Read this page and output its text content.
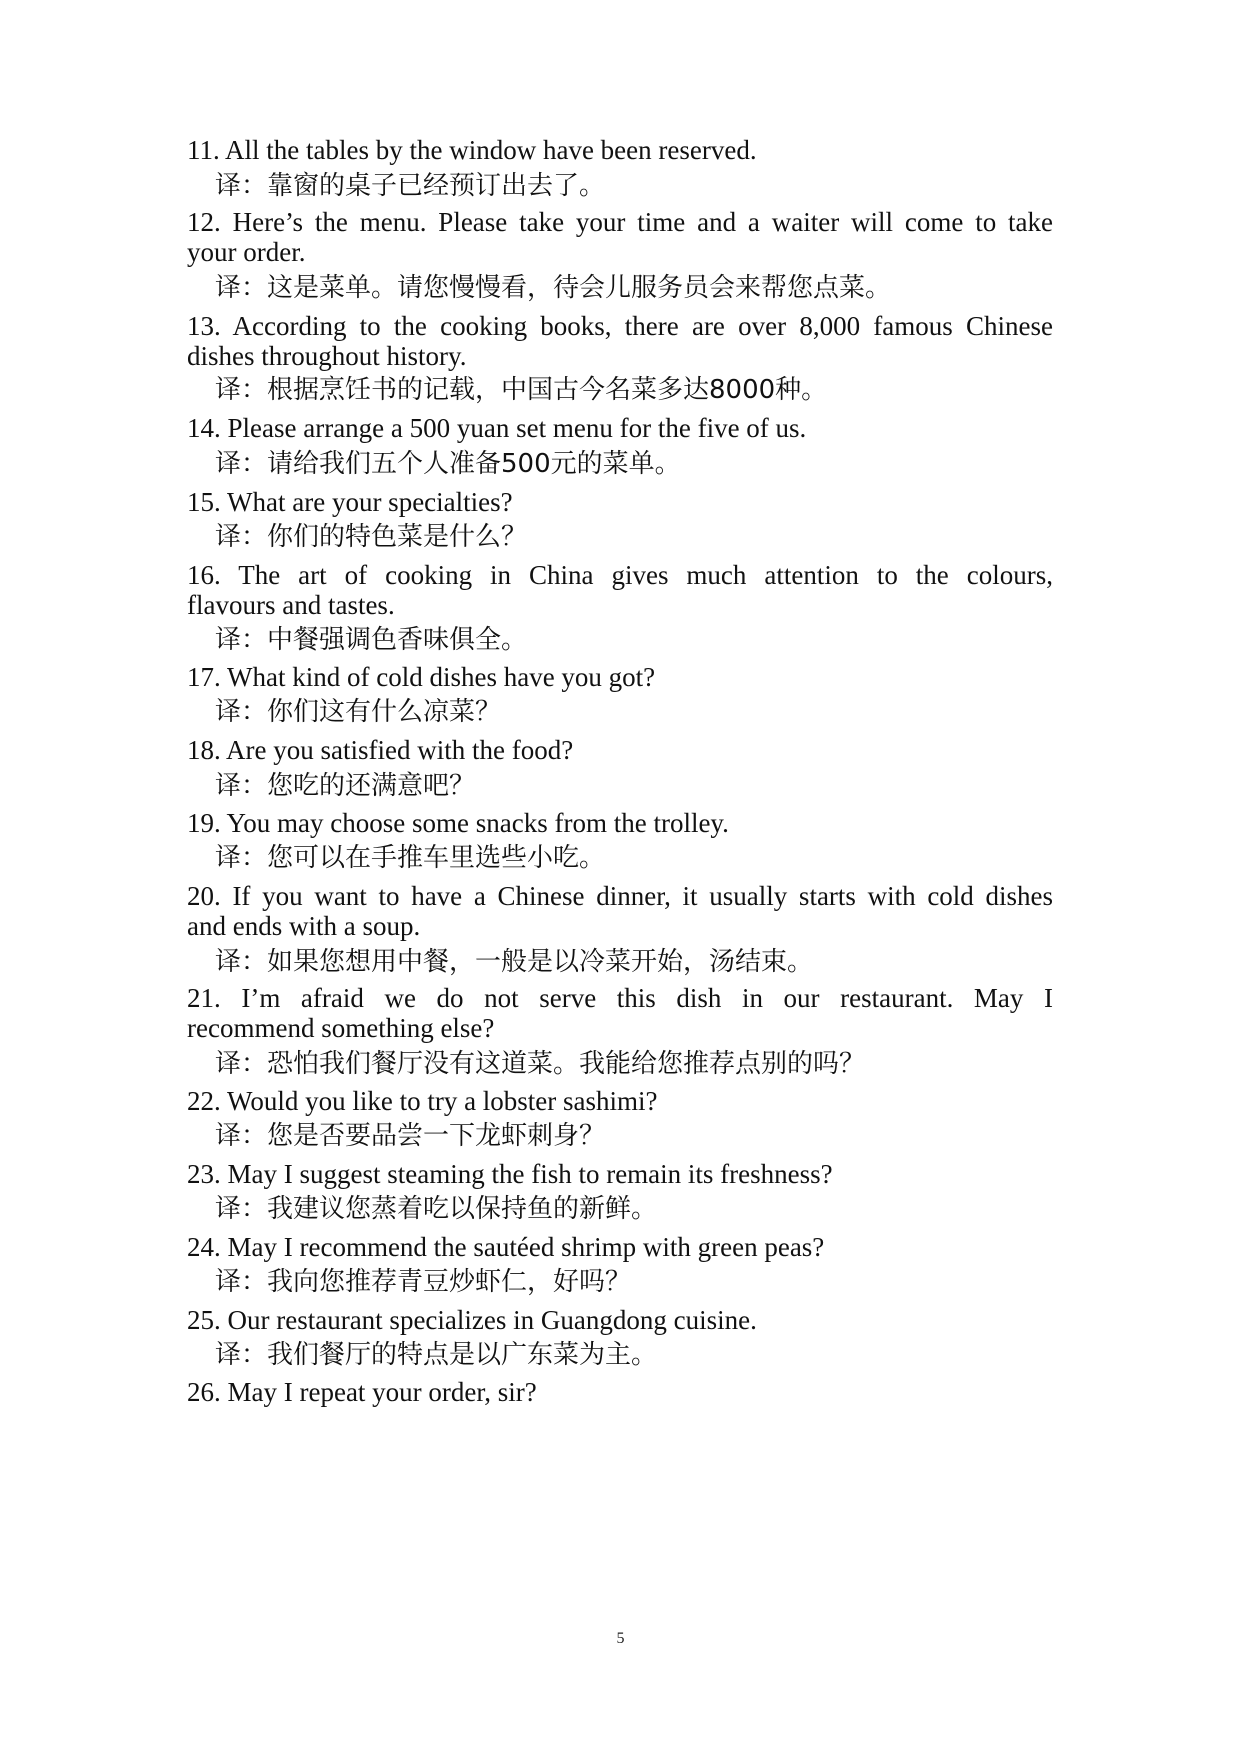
11. All the tables by the window have been reserved.
译：靠窗的桌子已经预订出去了。
12. Here’s the menu. Please take your time and a waiter will come to take
your order.
译：这是菜单。请您慢慢看，待会儿服务员会来帮您点菜。
13. According to the cooking books, there are over 8,000 famous Chinese
dishes throughout history.
译：根据烹饪书的记载，中国古今名菜多达8000种。
14. Please arrange a 500 yuan set menu for the five of us.
译：请给我们五个人准备500元的菜单。
15. What are your specialties?
译：你们的特色菜是什么？
16. The art of cooking in China gives much attention to the colours,
flavours and tastes.
译：中餐强调色香味俱全。
17. What kind of cold dishes have you got?
译：你们这有什么凉菜？
18. Are you satisfied with the food?
译：您吃的还满意吧？
19. You may choose some snacks from the trolley.
译：您可以在手推车里选些小吃。
20. If you want to have a Chinese dinner, it usually starts with cold dishes
and ends with a soup.
译：如果您想用中餐，一般是以冷菜开始，汤结束。
21. I’m afraid we do not serve this dish in our restaurant. May I
recommend something else?
译：恐怕我们餐厅没有这道菜。我能给您推荐点别的吗？
22. Would you like to try a lobster sashimi?
译：您是否要品尝一下龙虾刺身？
23. May I suggest steaming the fish to remain its freshness?
译：我建议您蒸着吃以保持鱼的新鲜。
24. May I recommend the sautéed shrimp with green peas?
译：我向您推荐青豆炒虾仁，好吗？
25. Our restaurant specializes in Guangdong cuisine.
译：我们餐厅的特点是以广东菜为主。
26. May I repeat your order, sir?
5
